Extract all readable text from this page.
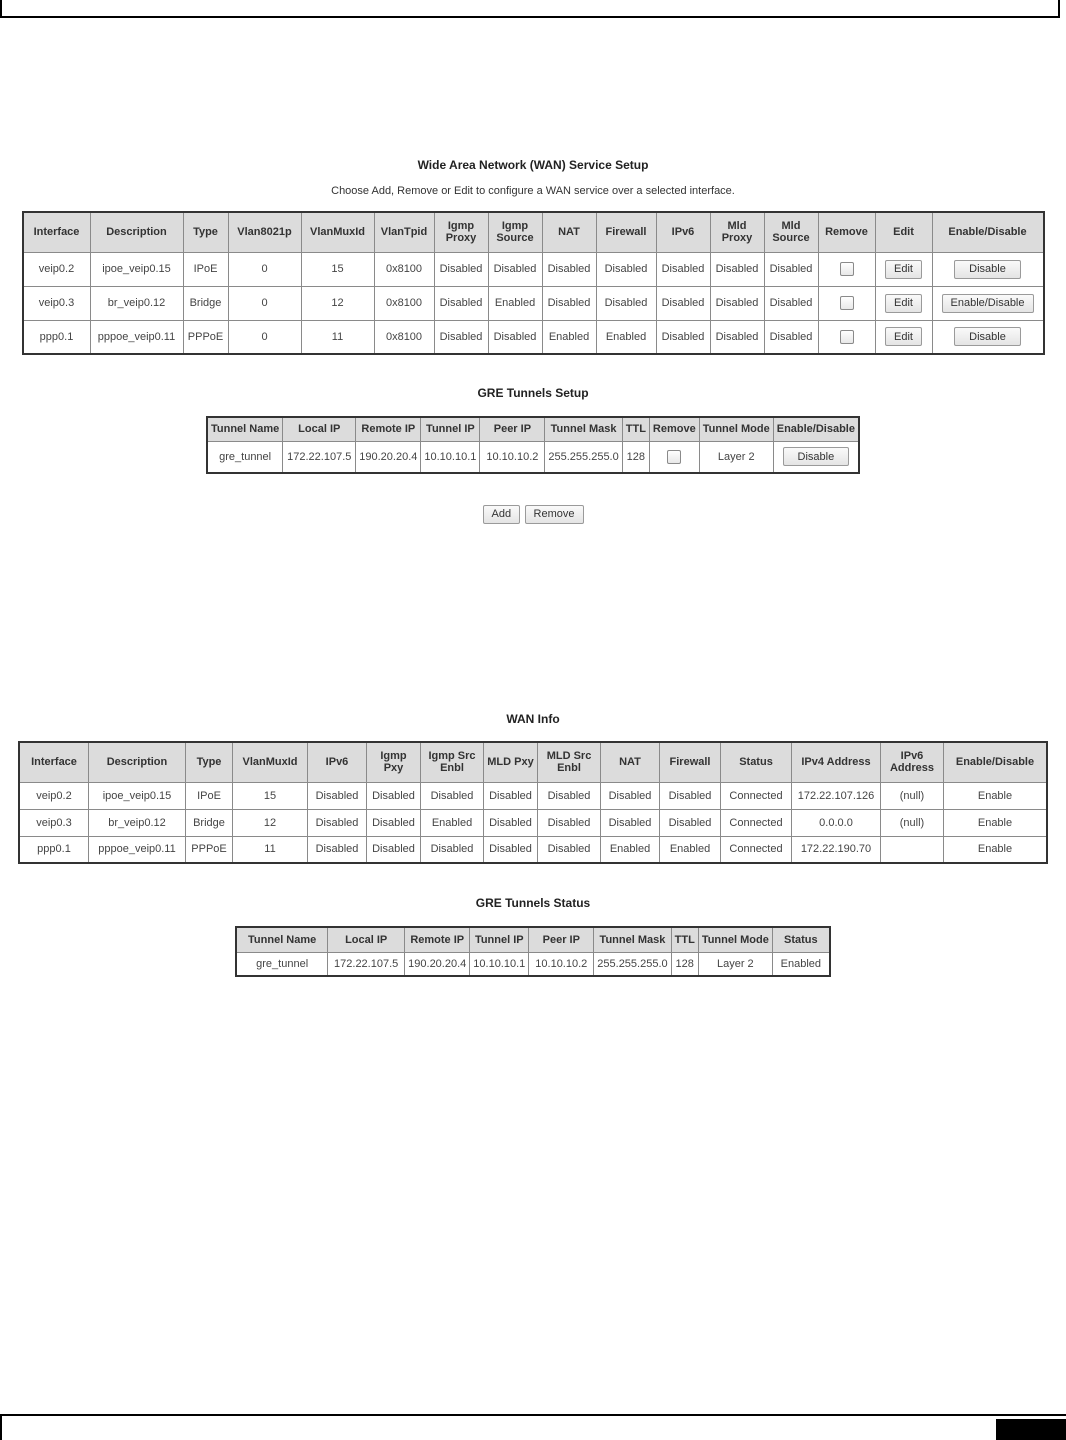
Wide Area Network (WAN) Service Setup
Choose Add, Remove or Edit to configure a WAN service over a selected interface.
Interface	Description	Type	Vlan8021p	VlanMuxId	VlanTpid	Igmp Proxy	Igmp Source	NAT	Firewall	IPv6	Mld Proxy	Mld Source	Remove	Edit	Enable/Disable
veip0.2	ipoe_veip0.15	IPoE	0	15	0x8100	Disabled	Disabled	Disabled	Disabled	Disabled	Disabled	Disabled		Edit	Disable
veip0.3	br_veip0.12	Bridge	0	12	0x8100	Disabled	Enabled	Disabled	Disabled	Disabled	Disabled	Disabled		Edit	Enable/Disable
ppp0.1	pppoe_veip0.11	PPPoE	0	11	0x8100	Disabled	Disabled	Enabled	Enabled	Disabled	Disabled	Disabled		Edit	Disable
GRE Tunnels Setup
Tunnel Name	Local IP	Remote IP	Tunnel IP	Peer IP	Tunnel Mask	TTL	Remove	Tunnel Mode	Enable/Disable
gre_tunnel	172.22.107.5	190.20.20.4	10.10.10.1	10.10.10.2	255.255.255.0	128		Layer 2	Disable
Add Remove
WAN Info
Interface	Description	Type	VlanMuxId	IPv6	Igmp Pxy	Igmp Src Enbl	MLD Pxy	MLD Src Enbl	NAT	Firewall	Status	IPv4 Address	IPv6 Address	Enable/Disable
veip0.2	ipoe_veip0.15	IPoE	15	Disabled	Disabled	Disabled	Disabled	Disabled	Disabled	Disabled	Connected	172.22.107.126	(null)	Enable
veip0.3	br_veip0.12	Bridge	12	Disabled	Disabled	Enabled	Disabled	Disabled	Disabled	Disabled	Connected	0.0.0.0	(null)	Enable
ppp0.1	pppoe_veip0.11	PPPoE	11	Disabled	Disabled	Disabled	Disabled	Disabled	Enabled	Enabled	Connected	172.22.190.70		Enable
GRE Tunnels Status
Tunnel Name	Local IP	Remote IP	Tunnel IP	Peer IP	Tunnel Mask	TTL	Tunnel Mode	Status
gre_tunnel	172.22.107.5	190.20.20.4	10.10.10.1	10.10.10.2	255.255.255.0	128	Layer 2	Enabled
